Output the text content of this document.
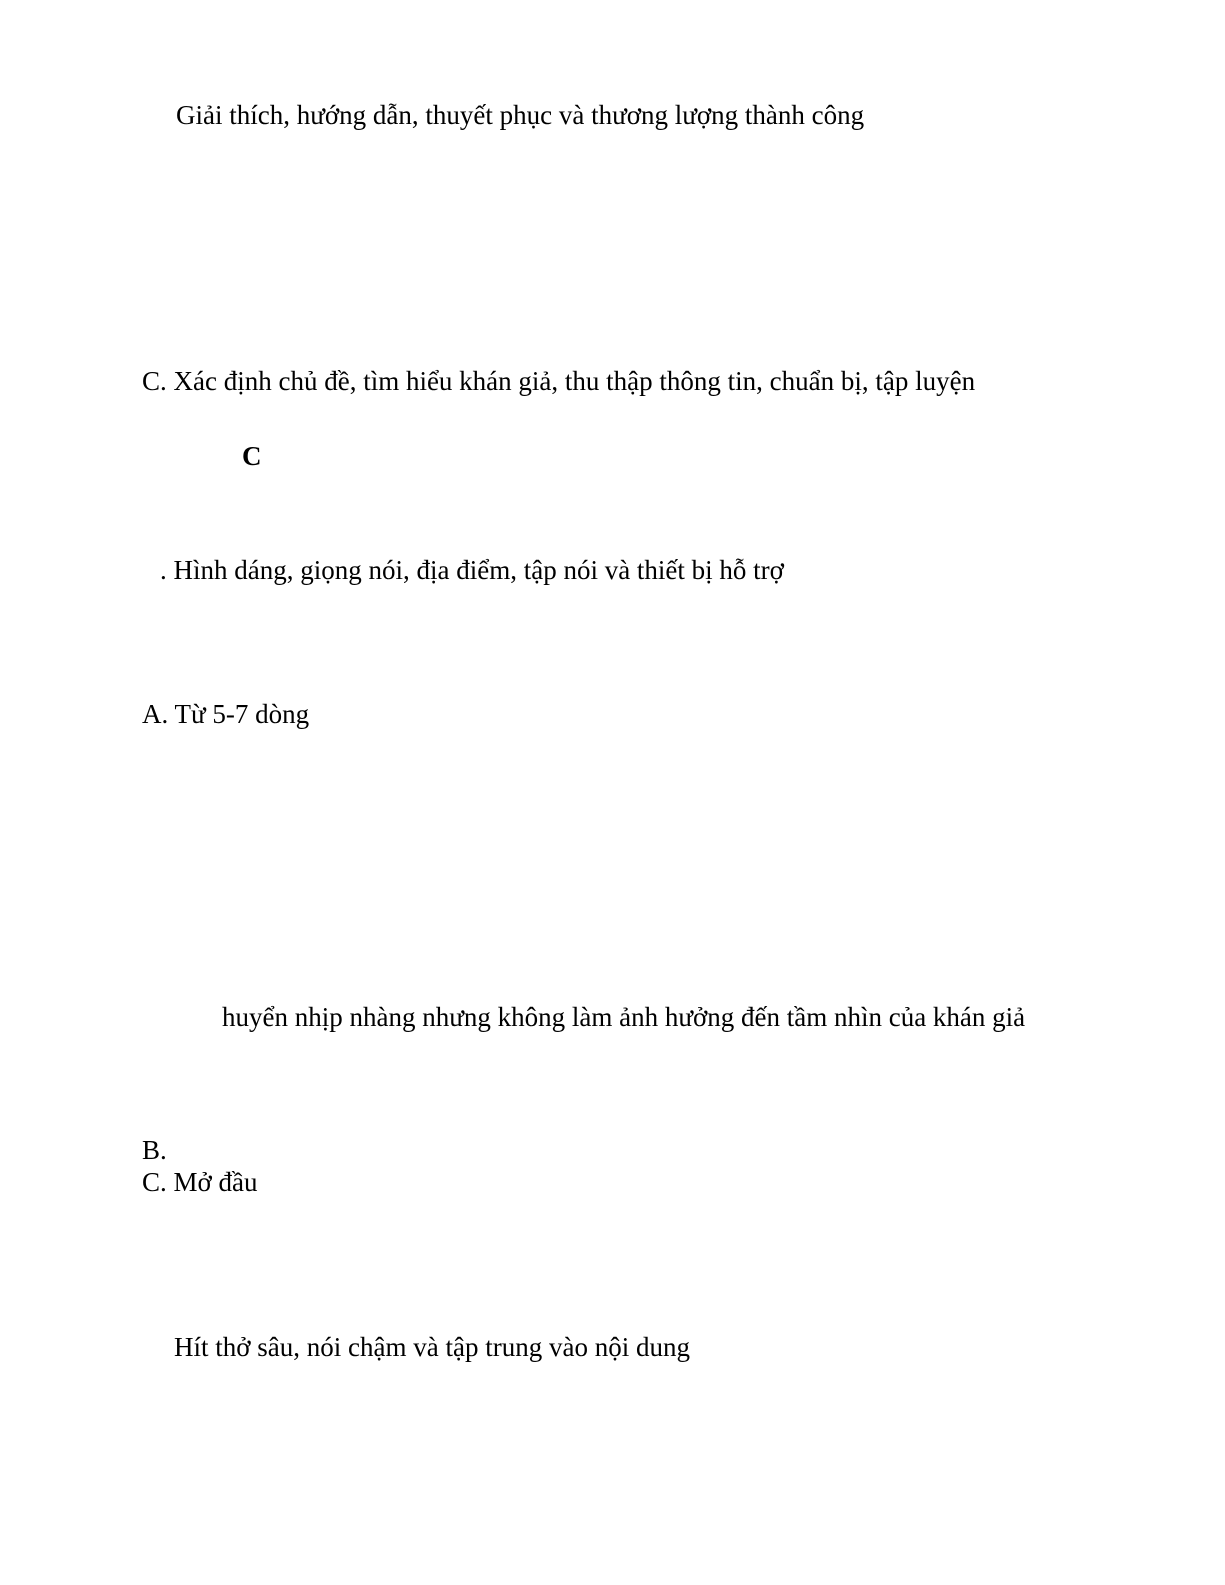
Giải thích, hướng dẫn, thuyết phục và thương lượng thành công
C. Xác định chủ đề, tìm hiểu khán giả, thu thập thông tin, chuẩn bị, tập luyện
C
. Hình dáng, giọng nói, địa điểm, tập nói và thiết bị hỗ trợ
A. Từ 5-7 dòng
huyển nhịp nhàng nhưng không làm ảnh hưởng đến tầm nhìn của khán giả
B.
C. Mở đầu
Hít thở sâu, nói chậm và tập trung vào nội dung
